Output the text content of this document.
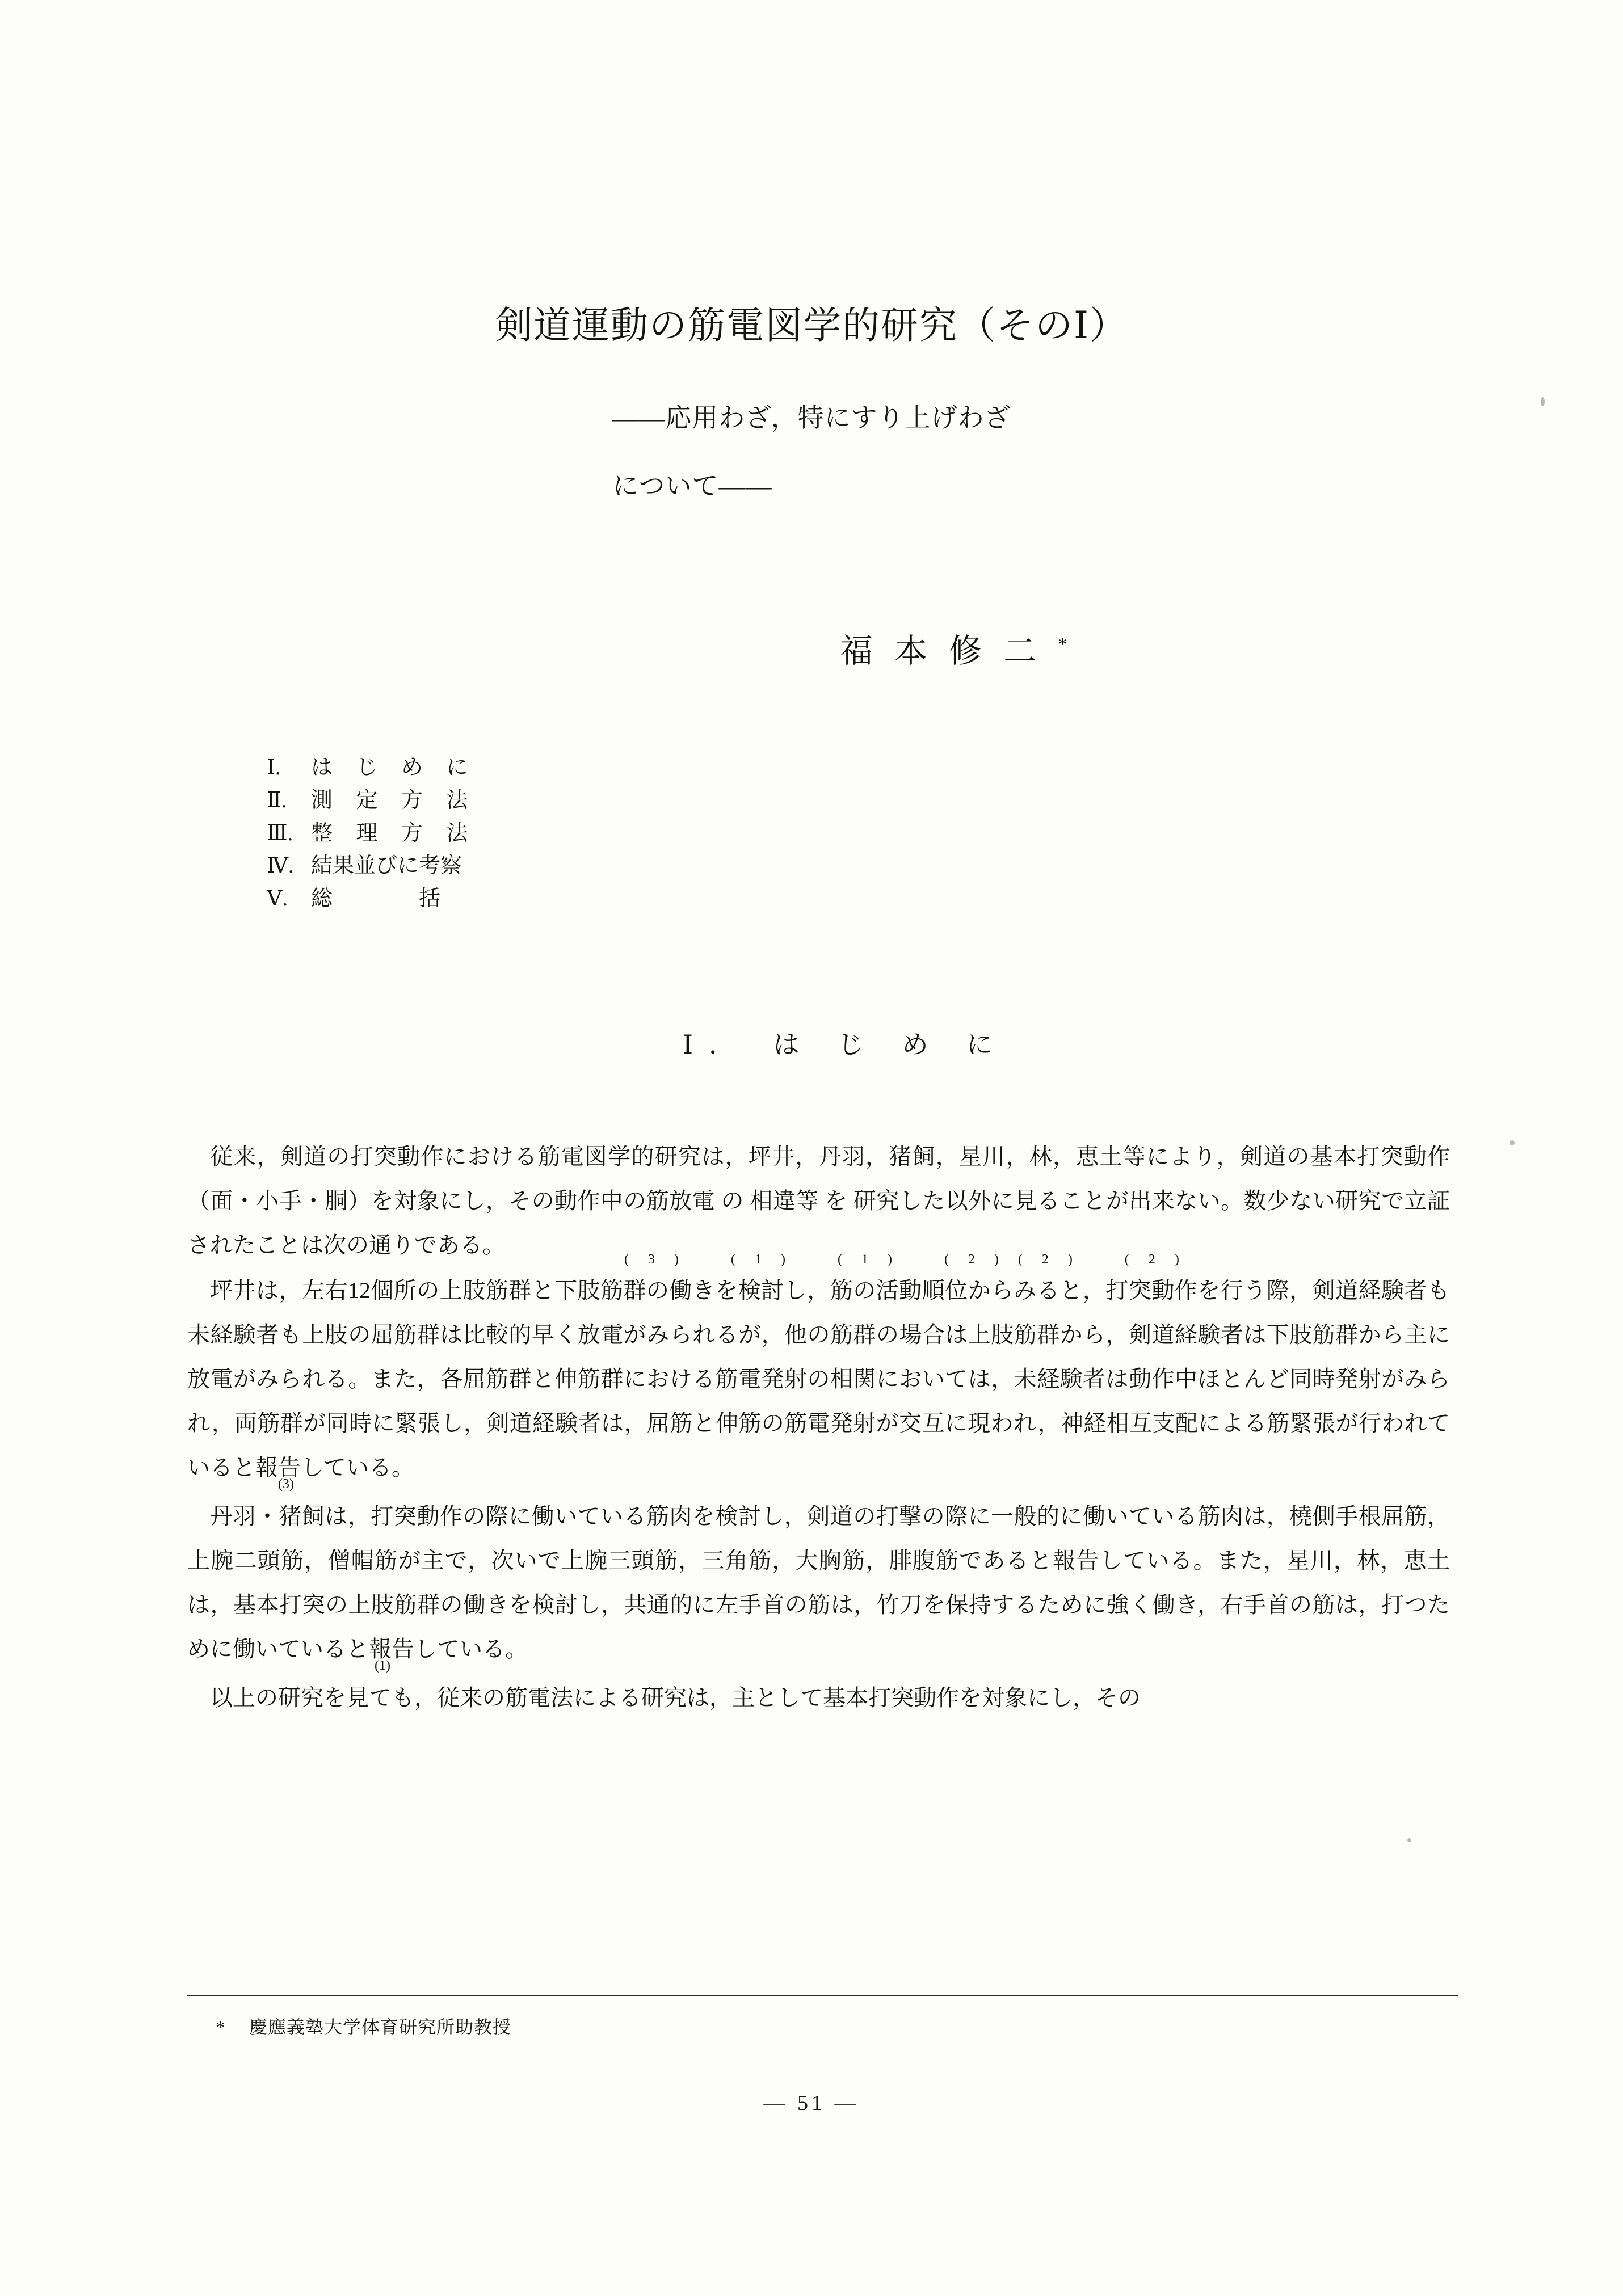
剣道運動の筋電図学的研究（そのⅠ）
——応用わざ，特にすり上げわざ
について——
福本修二*
Ⅰ.	は じ め に
Ⅱ.	測 定 方 法
Ⅲ. 整 理 方 法
Ⅳ. 結果並びに考察
Ⅴ.	総　　　　括
Ⅰ． は じ め に

従来，剣道の打突動作における筋電図学的研究は，坪井，丹羽，猪飼，星川，林，恵土等により，剣道の基本打突動作（面・小手・胴）を対象にし，その動作中の筋放電 の 相違等 を 研究した以外に見ることが出来ない。数少ない研究で立証されたことは次の通りである。

(3)　(1)　(1)　(2)(2)　(2)

坪井は，左右12個所の上肢筋群と下肢筋群の働きを検討し，筋の活動順位からみると，打突動作を行う際，剣道経験者も未経験者も上肢の屈筋群は比較的早く放電がみられるが，他の筋群の場合は上肢筋群から，剣道経験者は下肢筋群から主に放電がみられる。また，各屈筋群と伸筋群における筋電発射の相関においては，未経験者は動作中ほとんど同時発射がみられ，両筋群が同時に緊張し，剣道経験者は，屈筋と伸筋の筋電発射が交互に現われ，神経相互支配による筋緊張が行われていると報告している。

(3)

丹羽・猪飼は，打突動作の際に働いている筋肉を検討し，剣道の打撃の際に一般的に働いている筋肉は，橈側手根屈筋，上腕二頭筋，僧帽筋が主で，次いで上腕三頭筋，三角筋，大胸筋，腓腹筋であると報告している。また，星川，林，恵土は，基本打突の上肢筋群の働きを検討し，共通的に左手首の筋は，竹刀を保持するために強く働き，右手首の筋は，打つために働いていると報告している。

(1)

以上の研究を見ても，従来の筋電法による研究は，主として基本打突動作を対象にし，その

* 慶應義塾大学体育研究所助教授
— 51 —
